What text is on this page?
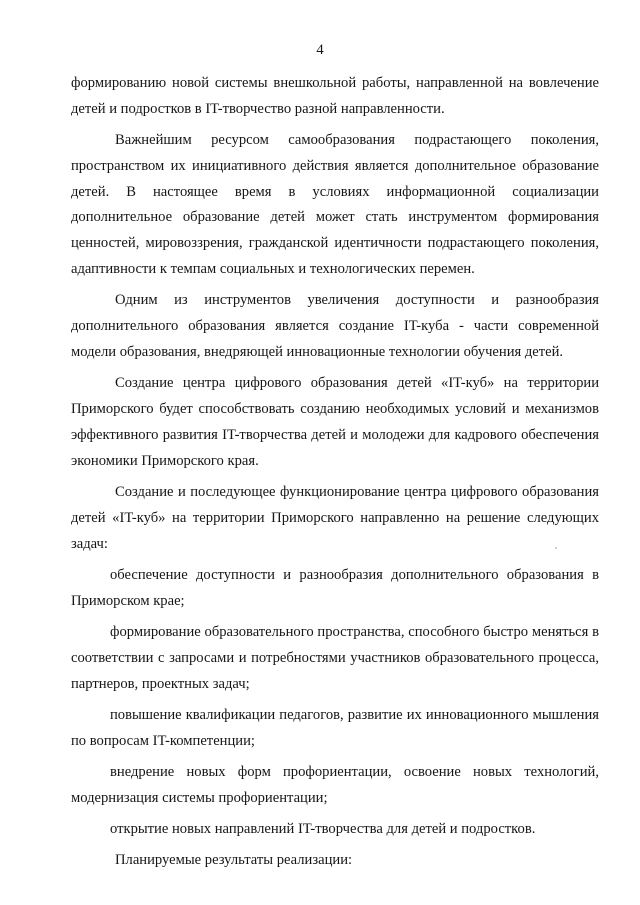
4

формированию новой системы внешкольной работы, направленной на вовлечение детей и подростков в IT-творчество разной направленности.

Важнейшим ресурсом самообразования подрастающего поколения, пространством их инициативного действия является дополнительное образование детей. В настоящее время в условиях информационной социализации дополнительное образование детей может стать инструментом формирования ценностей, мировоззрения, гражданской идентичности подрастающего поколения, адаптивности к темпам социальных и технологических перемен.

Одним из инструментов увеличения доступности и разнообразия дополнительного образования является создание IT-куба - части современной модели образования, внедряющей инновационные технологии обучения детей.

Создание центра цифрового образования детей «IT-куб» на территории Приморского будет способствовать созданию необходимых условий и механизмов эффективного развития IT-творчества детей и молодежи для кадрового обеспечения экономики Приморского края.

Создание и последующее функционирование центра цифрового образования детей «IT-куб» на территории Приморского направленно на решение следующих задач:

обеспечение доступности и разнообразия дополнительного образования в Приморском крае;

формирование образовательного пространства, способного быстро меняться в соответствии с запросами и потребностями участников образовательного процесса, партнеров, проектных задач;

повышение квалификации педагогов, развитие их инновационного мышления по вопросам IT-компетенции;

внедрение новых форм профориентации, освоение новых технологий, модернизация системы профориентации;

открытие новых направлений IT-творчества для детей и подростков.

Планируемые результаты реализации:
